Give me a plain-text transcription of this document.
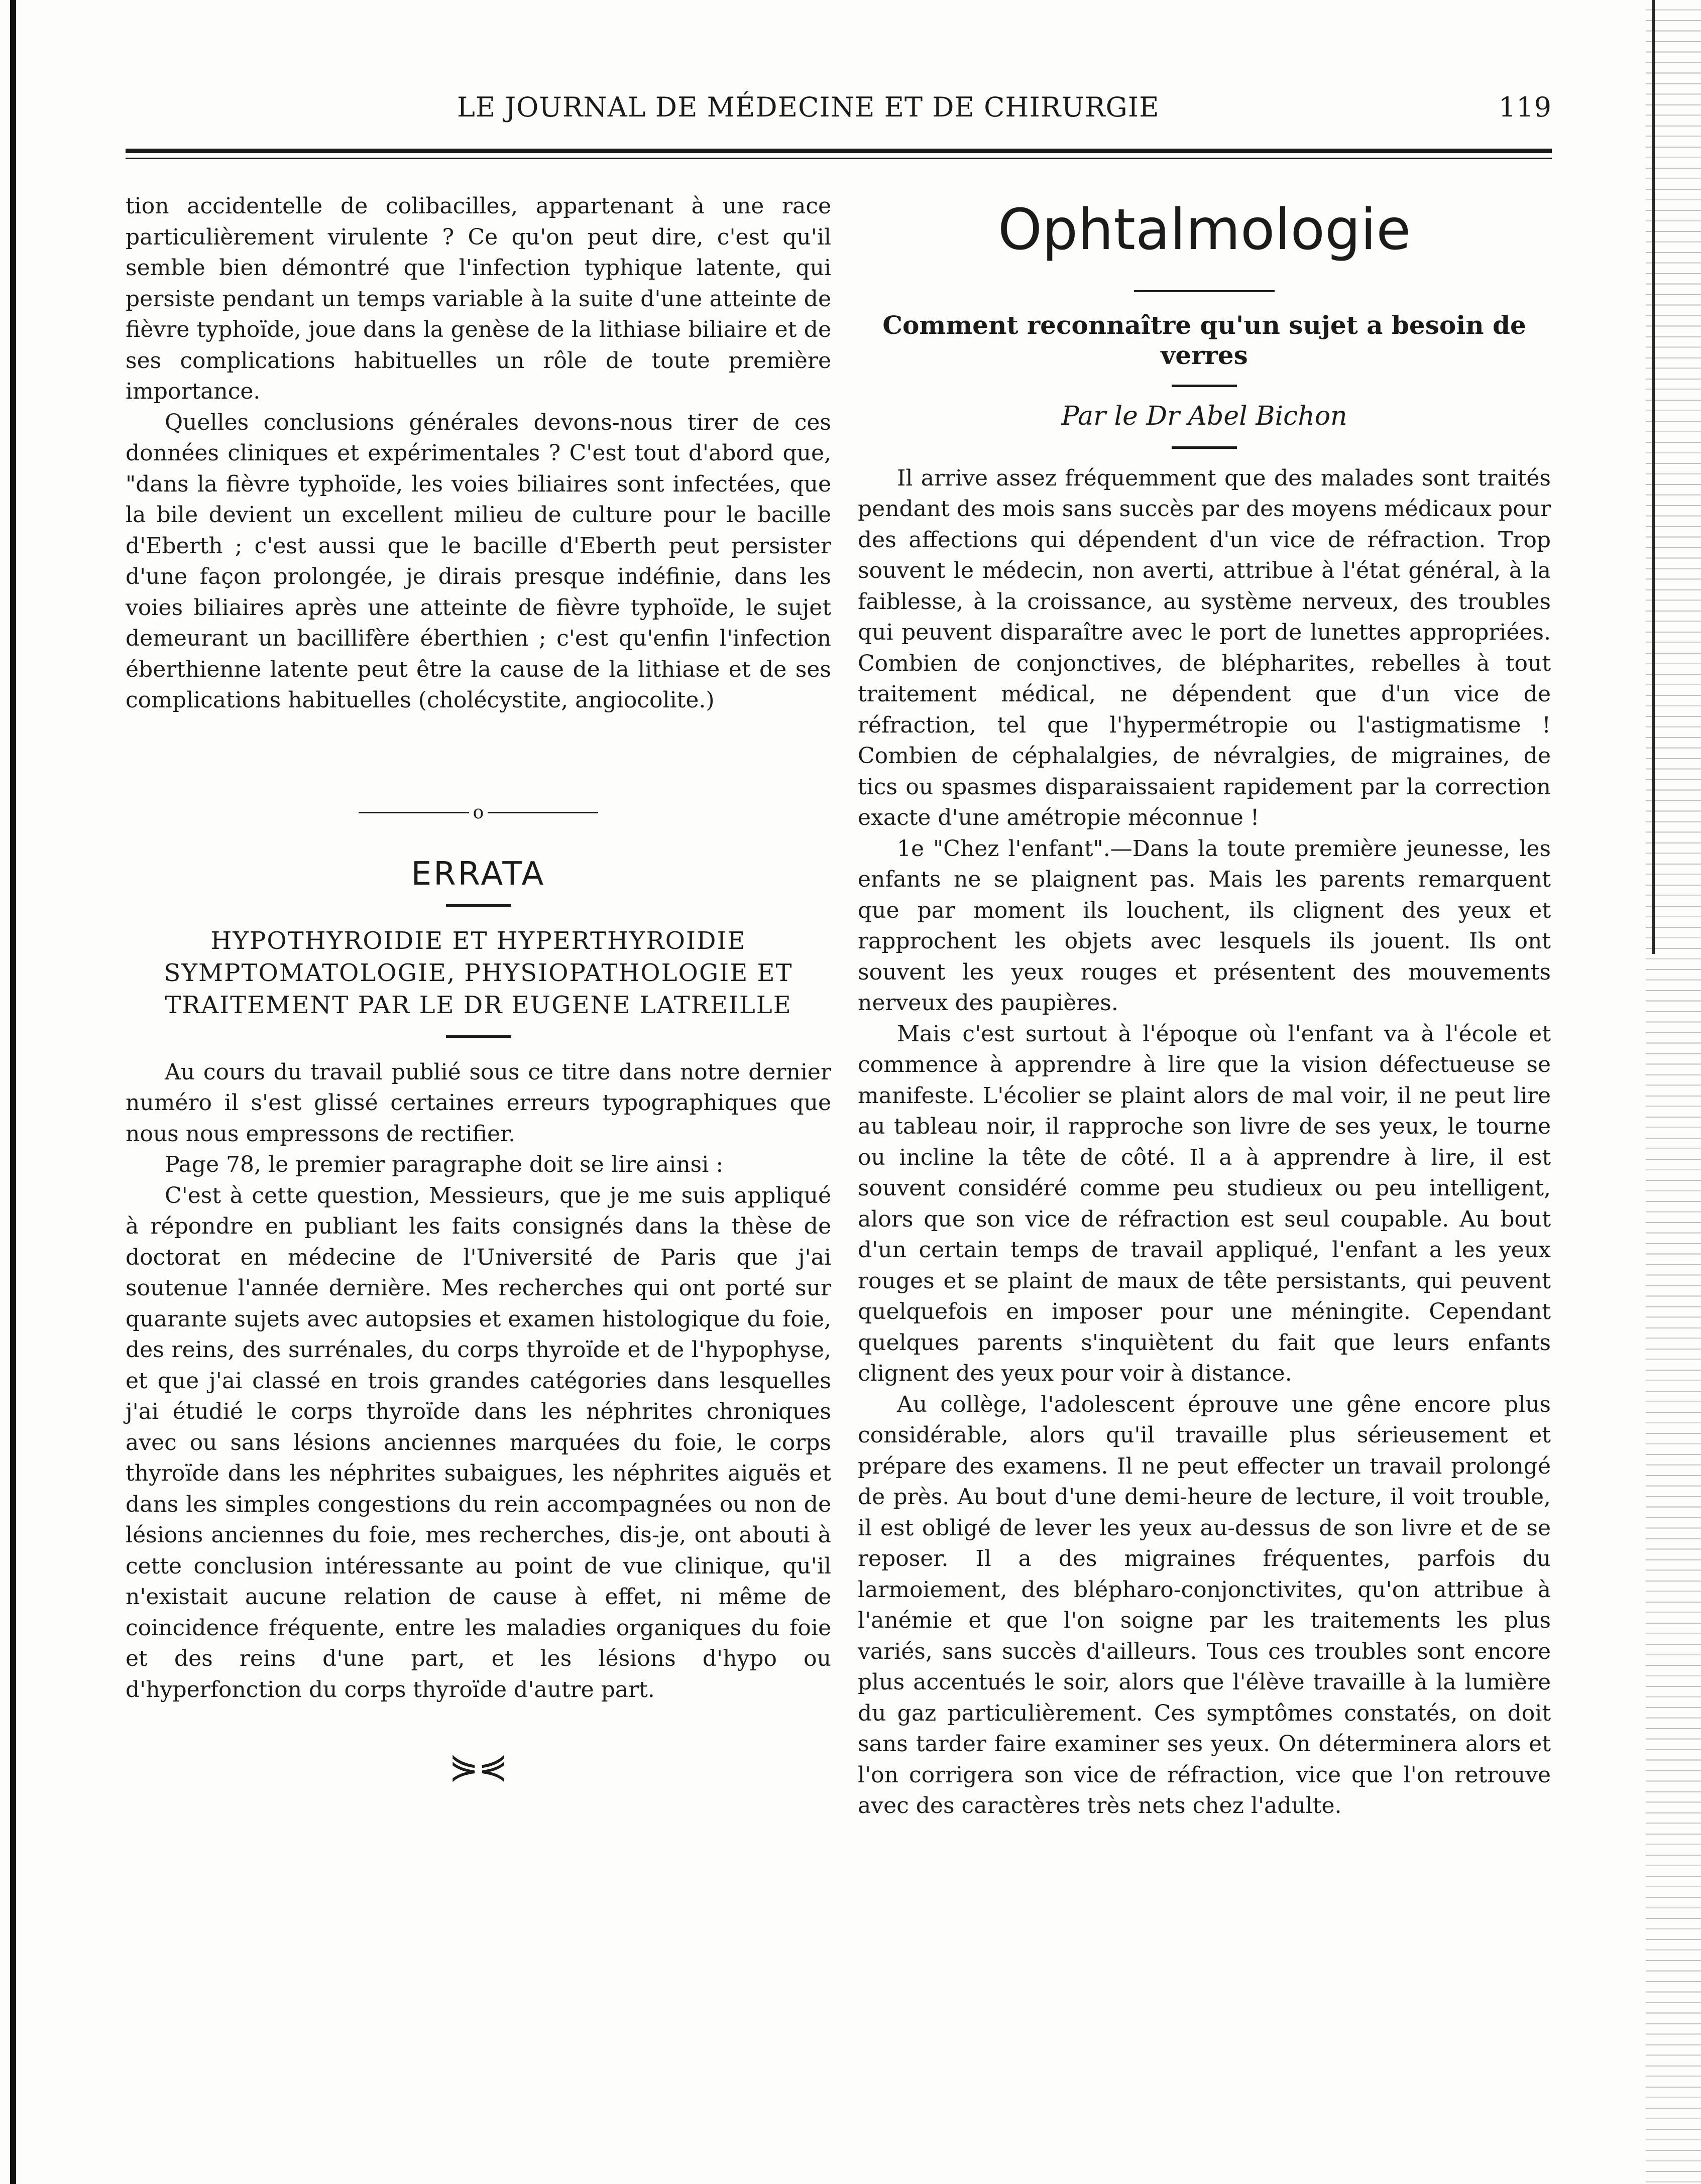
LE JOURNAL DE MÉDECINE ET DE CHIRURGIE	119

tion accidentelle de colibacilles, appartenant à une race particulièrement virulente ? Ce qu'on peut dire, c'est qu'il semble bien démontré que l'infection typhique latente, qui persiste pendant un temps variable à la suite d'une atteinte de fièvre typhoïde, joue dans la genèse de la lithiase biliaire et de ses complications habituelles un rôle de toute première importance.

Quelles conclusions générales devons-nous tirer de ces données cliniques et expérimentales ? C'est tout d'abord que, "dans la fièvre typhoïde, les voies biliaires sont infectées, que la bile devient un excellent milieu de culture pour le bacille d'Eberth ; c'est aussi que le bacille d'Eberth peut persister d'une façon prolongée, je dirais presque indéfinie, dans les voies biliaires après une atteinte de fièvre typhoïde, le sujet demeurant un bacillifère éberthien ; c'est qu'enfin l'infection éberthienne latente peut être la cause de la lithiase et de ses complications habituelles (cholécystite, angiocolite.)

o
ERRATA
HYPOTHYROIDIE ET HYPERTHYROIDIE SYMPTOMATOLOGIE, PHYSIOPATHOLOGIE ET TRAITEMENT PAR LE DR EUGENE LATREILLE

Au cours du travail publié sous ce titre dans notre dernier numéro il s'est glissé certaines erreurs typographiques que nous nous empressons de rectifier.

Page 78, le premier paragraphe doit se lire ainsi :

C'est à cette question, Messieurs, que je me suis appliqué à répondre en publiant les faits consignés dans la thèse de doctorat en médecine de l'Université de Paris que j'ai soutenue l'année dernière. Mes recherches qui ont porté sur quarante sujets avec autopsies et examen histologique du foie, des reins, des surrénales, du corps thyroïde et de l'hypophyse, et que j'ai classé en trois grandes catégories dans lesquelles j'ai étudié le corps thyroïde dans les néphrites chroniques avec ou sans lésions anciennes marquées du foie, le corps thyroïde dans les néphrites subaigues, les néphrites aiguës et dans les simples congestions du rein accompagnées ou non de lésions anciennes du foie, mes recherches, dis-je, ont abouti à cette conclusion intéressante au point de vue clinique, qu'il n'existait aucune relation de cause à effet, ni même de coincidence fréquente, entre les maladies organiques du foie et des reins d'une part, et les lésions d'hypo ou d'hyperfonction du corps thyroïde d'autre part.

⋟⋞
Ophtalmologie
Comment reconnaître qu'un sujet a besoin de verres
Par le Dr Abel Bichon

Il arrive assez fréquemment que des malades sont traités pendant des mois sans succès par des moyens médicaux pour des affections qui dépendent d'un vice de réfraction. Trop souvent le médecin, non averti, attribue à l'état général, à la faiblesse, à la croissance, au système nerveux, des troubles qui peuvent disparaître avec le port de lunettes appropriées. Combien de conjonctives, de blépharites, rebelles à tout traitement médical, ne dépendent que d'un vice de réfraction, tel que l'hypermétropie ou l'astigmatisme ! Combien de céphalalgies, de névralgies, de migraines, de tics ou spasmes disparaissaient rapidement par la correction exacte d'une amétropie méconnue !

1e "Chez l'enfant".—Dans la toute première jeunesse, les enfants ne se plaignent pas. Mais les parents remarquent que par moment ils louchent, ils clignent des yeux et rapprochent les objets avec lesquels ils jouent. Ils ont souvent les yeux rouges et présentent des mouvements nerveux des paupières.

Mais c'est surtout à l'époque où l'enfant va à l'école et commence à apprendre à lire que la vision défectueuse se manifeste. L'écolier se plaint alors de mal voir, il ne peut lire au tableau noir, il rapproche son livre de ses yeux, le tourne ou incline la tête de côté. Il a à apprendre à lire, il est souvent considéré comme peu studieux ou peu intelligent, alors que son vice de réfraction est seul coupable. Au bout d'un certain temps de travail appliqué, l'enfant a les yeux rouges et se plaint de maux de tête persistants, qui peuvent quelquefois en imposer pour une méningite. Cependant quelques parents s'inquiètent du fait que leurs enfants clignent des yeux pour voir à distance.

Au collège, l'adolescent éprouve une gêne encore plus considérable, alors qu'il travaille plus sérieusement et prépare des examens. Il ne peut effecter un travail prolongé de près. Au bout d'une demi-heure de lecture, il voit trouble, il est obligé de lever les yeux au-dessus de son livre et de se reposer. Il a des migraines fréquentes, parfois du larmoiement, des blépharo-conjonctivites, qu'on attribue à l'anémie et que l'on soigne par les traitements les plus variés, sans succès d'ailleurs. Tous ces troubles sont encore plus accentués le soir, alors que l'élève travaille à la lumière du gaz particulièrement. Ces symptômes constatés, on doit sans tarder faire examiner ses yeux. On déterminera alors et l'on corrigera son vice de réfraction, vice que l'on retrouve avec des caractères très nets chez l'adulte.
